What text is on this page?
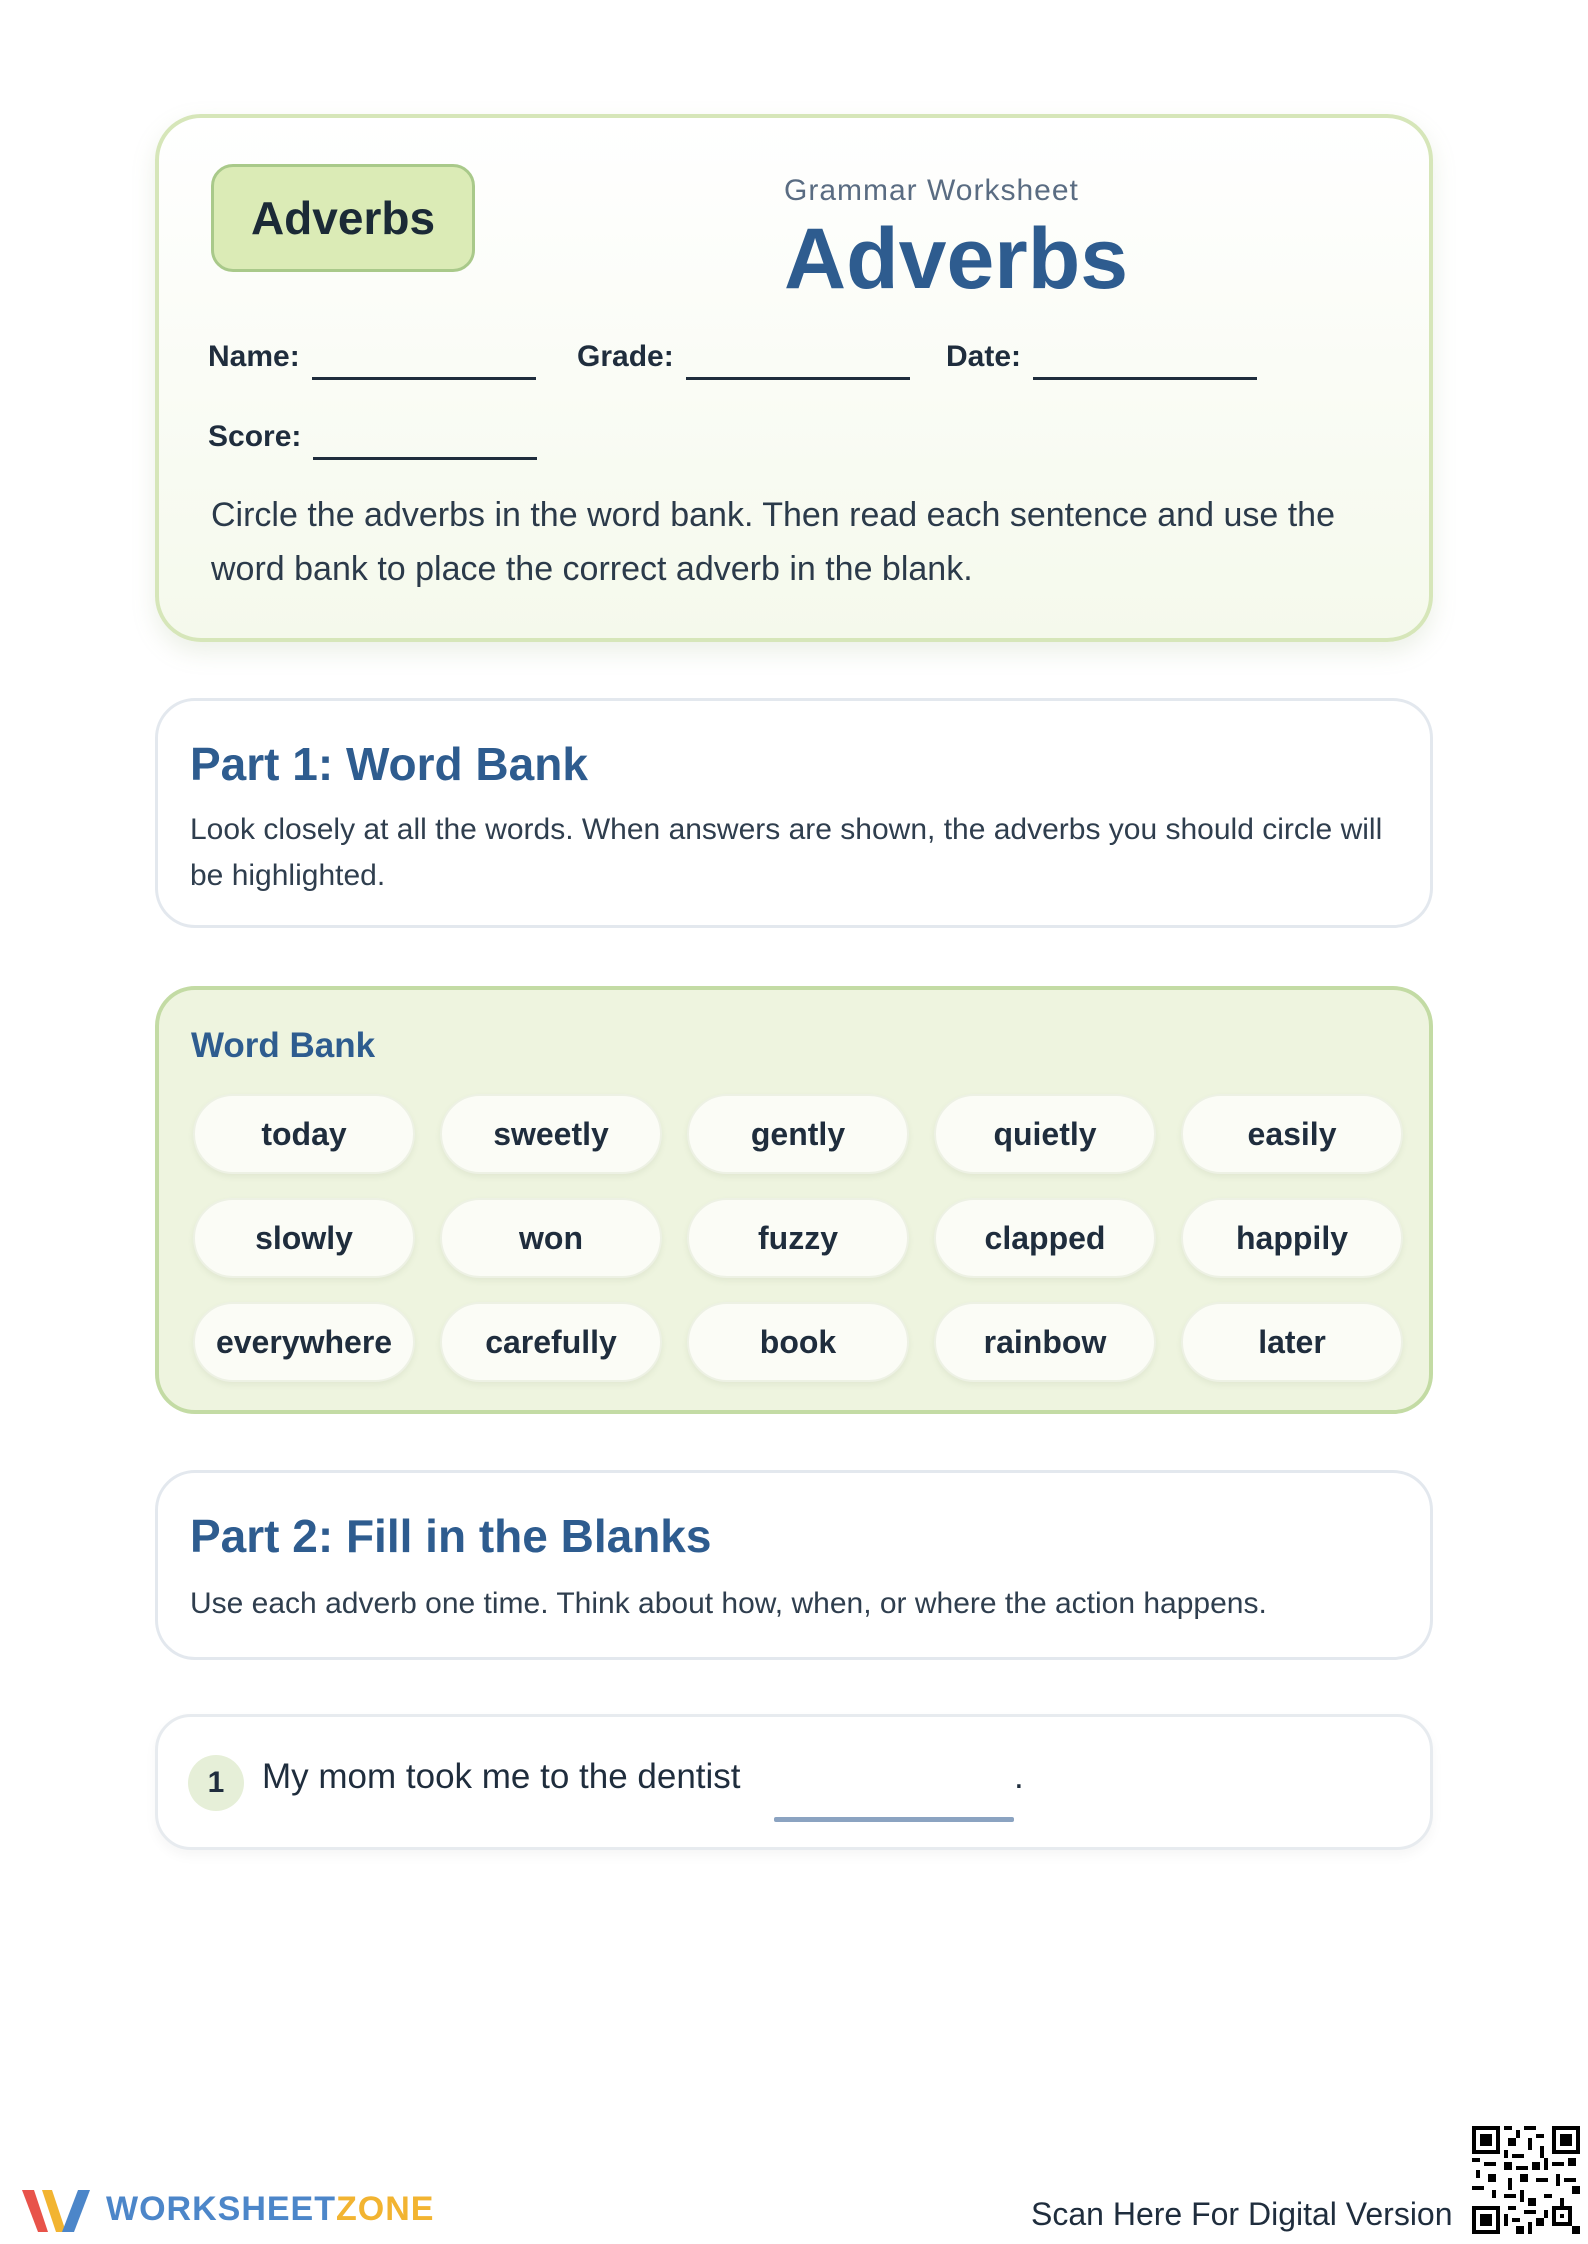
Adverbs
Grammar Worksheet
Adverbs
Name:	Grade:	Date:
Score:
Circle the adverbs in the word bank. Then read each sentence and use the word bank to place the correct adverb in the blank.
Part 1: Word Bank
Look closely at all the words. When answers are shown, the adverbs you should circle will be highlighted.
Word Bank
today	sweetly	gently	quietly	easily
slowly	won	fuzzy	clapped	happily
everywhere	carefully	book	rainbow	later
Part 2: Fill in the Blanks
Use each adverb one time. Think about how, when, or where the action happens.
1	My mom took me to the dentist	.
WORKSHEETZONE	Scan Here For Digital Version
